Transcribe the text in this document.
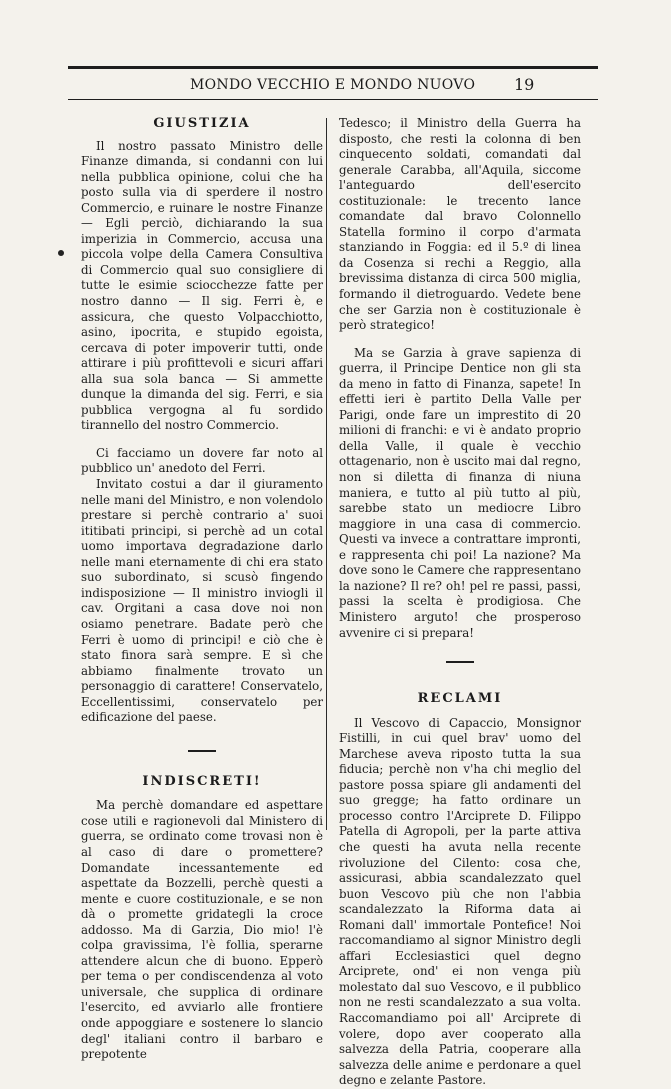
MONDO VECCHIO E MONDO NUOVO 19
GIUSTIZIA

Il nostro passato Ministro delle Finanze dimanda, si condanni con lui nella pubblica opinione, colui che ha posto sulla via di sperdere il nostro Commercio, e ruinare le nostre Finanze — Egli perciò, dichiarando la sua imperizia in Commercio, accusa una piccola volpe della Camera Consultiva di Commercio qual suo consigliere di tutte le esimie sciocchezze fatte per nostro danno — Il sig. Ferri è, e assicura, che questo Volpacchiotto, asino, ipocrita, e stupido egoista, cercava di poter impoverir tutti, onde attirare i più profittevoli e sicuri affari alla sua sola banca — Si ammette dunque la dimanda del sig. Ferri, e sia pubblica vergogna al fu sordido tirannello del nostro Commercio.

Ci facciamo un dovere far noto al pubblico un' anedoto del Ferri.

Invitato costui a dar il giuramento nelle mani del Ministro, e non volendolo prestare si perchè contrario a' suoi ititibati principi, si perchè ad un cotal uomo importava degradazione darlo nelle mani eternamente di chi era stato suo subordinato, si scusò fingendo indisposizione — Il ministro inviogli il cav. Orgitani a casa dove noi non osiamo penetrare. Badate però che Ferri è uomo di principi! e ciò che è stato finora sarà sempre. E sì che abbiamo finalmente trovato un personaggio di carattere! Conservatelo, Eccellentissimi, conservatelo per edificazione del paese.

INDISCRETI!

Ma perchè domandare ed aspettare cose utili e ragionevoli dal Ministero di guerra, se ordinato come trovasi non è al caso di dare o promettere? Domandate incessantemente ed aspettate da Bozzelli, perchè questi a mente e cuore costituzionale, e se non dà o promette gridategli la croce addosso. Ma di Garzia, Dio mio! l'è colpa gravissima, l'è follia, sperarne attendere alcun che di buono. Epperò per tema o per condiscendenza al voto universale, che supplica di ordinare l'esercito, ed avviarlo alle frontiere onde appoggiare e sostenere lo slancio degl' italiani contro il barbaro e prepotente

Tedesco; il Ministro della Guerra ha disposto, che resti la colonna di ben cinquecento soldati, comandati dal generale Carabba, all'Aquila, siccome l'anteguardo dell'esercito costituzionale: le trecento lance comandate dal bravo Colonnello Statella formino il corpo d'armata stanziando in Foggia: ed il 5.º di linea da Cosenza si rechi a Reggio, alla brevissima distanza di circa 500 miglia, formando il dietroguardo. Vedete bene che ser Garzia non è costituzionale è però strategico!

Ma se Garzia à grave sapienza di guerra, il Principe Dentice non gli sta da meno in fatto di Finanza, sapete! In effetti ieri è partito Della Valle per Parigi, onde fare un imprestito di 20 milioni di franchi: e vi è andato proprio della Valle, il quale è vecchio ottagenario, non è uscito mai dal regno, non si diletta di finanza di niuna maniera, e tutto al più tutto al più, sarebbe stato un mediocre Libro maggiore in una casa di commercio. Questi va invece a contrattare impronti, e rappresenta chi poi! La nazione? Ma dove sono le Camere che rappresentano la nazione? Il re? oh! pel re passi, passi, passi la scelta è prodigiosa. Che Ministero arguto! che prosperoso avvenire ci si prepara!

RECLAMI

Il Vescovo di Capaccio, Monsignor Fistilli, in cui quel brav' uomo del Marchese aveva riposto tutta la sua fiducia; perchè non v'ha chi meglio del pastore possa spiare gli andamenti del suo gregge; ha fatto ordinare un processo contro l'Arciprete D. Filippo Patella di Agropoli, per la parte attiva che questi ha avuta nella recente rivoluzione del Cilento: cosa che, assicurasi, abbia scandalezzato quel buon Vescovo più che non l'abbia scandalezzato la Riforma data ai Romani dall' immortale Pontefice! Noi raccomandiamo al signor Ministro degli affari Ecclesiastici quel degno Arciprete, ond' ei non venga più molestato dal suo Vescovo, e il pubblico non ne resti scandalezzato a sua volta. Raccomandiamo poi all' Arciprete di volere, dopo aver cooperato alla salvezza della Patria, cooperare alla salvezza delle anime e perdonare a quel degno e zelante Pastore.
